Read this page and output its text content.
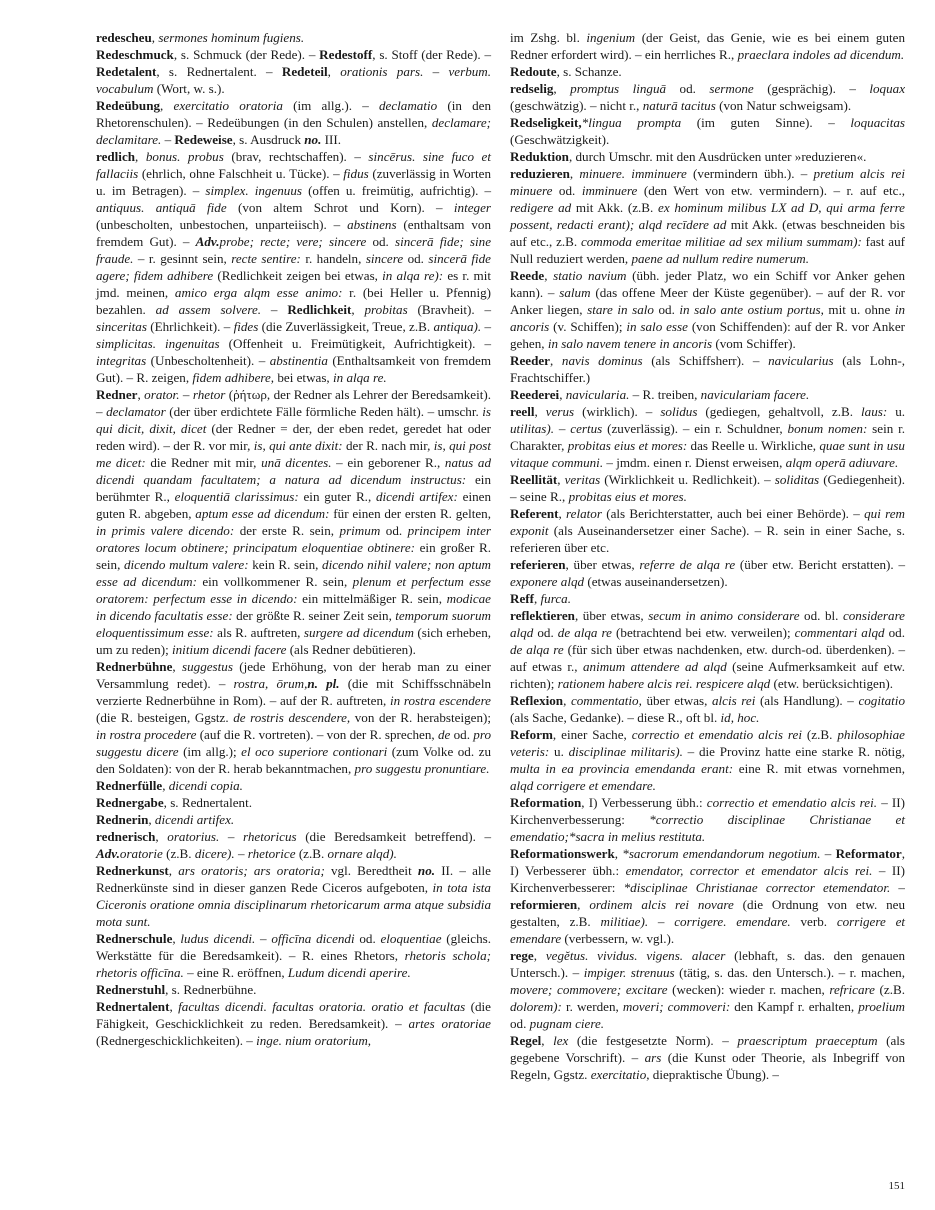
redescheu, sermones hominum fugiens.

Redeschmuck, s. Schmuck (der Rede). – Redestoff, s. Stoff (der Rede). – Redetalent, s. Rednertalent. – Redeteil, orationis pars. – verbum. vocabulum (Wort, w. s.).

Redeübung, exercitatio oratoria (im allg.). – declamatio (in den Rhetorenschulen). – Redeübungen (in den Schulen) anstellen, declamare; declamitare. – Redeweise, s. Ausdruck no. III.

redlich, bonus. probus (brav, rechtschaffen). – sincērus. sine fuco et fallaciis (ehrlich, ohne Falschheit u. Tücke). – fidus (zuverlässig in Worten u. im Betragen). – simplex. ingenuus (offen u. freimütig, aufrichtig). – antiquus. antiquā fide (von altem Schrot und Korn). – integer (unbescholten, unbestochen, unparteiisch). – abstinens (enthaltsam von fremdem Gut). – Adv.probe; recte; vere; sincere od. sincerā fide; sine fraude. – r. gesinnt sein, recte sentire: r. handeln, sincere od. sincerā fide agere; fidem adhibere (Redlichkeit zeigen bei etwas, in alqa re): es r. mit jmd. meinen, amico erga alqm esse animo: r. (bei Heller u. Pfennig) bezahlen. ad assem solvere. – Redlichkeit, probitas (Bravheit). – sinceritas (Ehrlichkeit). – fides (die Zuverlässigkeit, Treue, z.B. antiqua). – simplicitas. ingenuitas (Offenheit u. Freimütigkeit, Aufrichtigkeit). – integritas (Unbescholtenheit). – abstinentia (Enthaltsamkeit von fremdem Gut). – R. zeigen, fidem adhibere, bei etwas, in alqa re.

Redner, orator. – rhetor (ῥήτωρ, der Redner als Lehrer der Beredsamkeit). – declamator (der über erdichtete Fälle förmliche Reden hält). – umschr. is qui dicit, dixit, dicet (der Redner = der, der eben redet, geredet hat oder reden wird). – der R. vor mir, is, qui ante dixit: der R. nach mir, is, qui post me dicet: die Redner mit mir, unā dicentes. – ein geborener R., natus ad dicendi quandam facultatem; a natura ad dicendum instructus: ein berühmter R., eloquentiā clarissimus: ein guter R., dicendi artifex: einen guten R. abgeben, aptum esse ad dicendum: für einen der ersten R. gelten, in primis valere dicendo: der erste R. sein, primum od. principem inter oratores locum obtinere; principatum eloquentiae obtinere: ein großer R. sein, dicendo multum valere: kein R. sein, dicendo nihil valere; non aptum esse ad dicendum: ein vollkommener R. sein, plenum et perfectum esse oratorem: perfectum esse in dicendo: ein mittelmäßiger R. sein, modicae in dicendo facultatis esse: der größte R. seiner Zeit sein, temporum suorum eloquentissimum esse: als R. auftreten, surgere ad dicendum (sich erheben, um zu reden); initium dicendi facere (als Redner debütieren).

Rednerbühne, suggestus (jede Erhöhung, von der herab man zu einer Versammlung redet). – rostra, ōrum,n. pl. (die mit Schiffsschnäbeln verzierte Rednerbühne in Rom). – auf der R. auftreten, in rostra escendere (die R. besteigen, Ggstz. de rostris descendere, von der R. herabsteigen); in rostra procedere (auf die R. vortreten). – von der R. sprechen, de od. pro suggestu dicere (im allg.); el oco superiore contionari (zum Volke od. zu den Soldaten): von der R. herab bekanntmachen, pro suggestu pronuntiare.

Rednerfülle, dicendi copia.

Rednergabe, s. Rednertalent.

Rednerin, dicendi artifex.

rednerisch, oratorius. – rhetoricus (die Beredsamkeit betreffend). – Adv.oratorie (z.B. dicere). – rhetorice (z.B. ornare alqd).

Rednerkunst, ars oratoris; ars oratoria; vgl. Beredtheit no. II. – alle Rednerkünste sind in dieser ganzen Rede Ciceros aufgeboten, in tota ista Ciceronis oratione omnia disciplinarum rhetoricarum arma atque subsidia mota sunt.

Rednerschule, ludus dicendi. – officīna dicendi od. eloquentiae (gleichs. Werkstätte für die Beredsamkeit). – R. eines Rhetors, rhetoris schola; rhetoris officīna. – eine R. eröffnen, Ludum dicendi aperire.

Rednerstuhl, s. Rednerbühne.

Rednertalent, facultas dicendi. facultas oratoria. oratio et facultas (die Fähigkeit, Geschicklichkeit zu reden. Beredsamkeit). – artes oratoriae (Rednergeschicklichkeiten). – inge. nium oratorium,

im Zshg. bl. ingenium (der Geist, das Genie, wie es bei einem guten Redner erfordert wird). – ein herrliches R., praeclara indoles ad dicendum.

Redoute, s. Schanze.

redselig, promptus linguā od. sermone (gesprächig). – loquax (geschwätzig). – nicht r., naturā tacitus (von Natur schweigsam).

Redseligkeit,*lingua prompta (im guten Sinne). – loquacitas (Geschwätzigkeit).

Reduktion, durch Umschr. mit den Ausdrücken unter »reduzieren«.

reduzieren, minuere. imminuere (vermindern übh.). – pretium alcis rei minuere od. imminuere (den Wert von etw. vermindern). – r. auf etc., redigere ad mit Akk. (z.B. ex hominum milibus LX ad D, qui arma ferre possent, redacti erant); alqd recīdere ad mit Akk. (etwas beschneiden bis auf etc., z.B. commoda emeritae militiae ad sex milium summam): fast auf Null reduziert werden, paene ad nullum redire numerum.

Reede, statio navium (übh. jeder Platz, wo ein Schiff vor Anker gehen kann). – salum (das offene Meer der Küste gegenüber). – auf der R. vor Anker liegen, stare in salo od. in salo ante ostium portus, mit u. ohne in ancoris (v. Schiffen); in salo esse (von Schiffenden): auf der R. vor Anker gehen, in salo navem tenere in ancoris (vom Schiffer).

Reeder, navis dominus (als Schiffsherr). – navicularius (als Lohn-, Frachtschiffer.)

Reederei, navicularia. – R. treiben, naviculariam facere.

reell, verus (wirklich). – solidus (gediegen, gehaltvoll, z.B. laus: u. utilitas). – certus (zuverlässig). – ein r. Schuldner, bonum nomen: sein r. Charakter, probitas eius et mores: das Reelle u. Wirkliche, quae sunt in usu vitaque communi. – jmdm. einen r. Dienst erweisen, alqm operā adiuvare.

Reellität, veritas (Wirklichkeit u. Redlichkeit). – soliditas (Gediegenheit). – seine R., probitas eius et mores.

Referent, relator (als Berichterstatter, auch bei einer Behörde). – qui rem exponit (als Auseinandersetzer einer Sache). – R. sein in einer Sache, s. referieren über etc.

referieren, über etwas, referre de alqa re (über etw. Bericht erstatten). – exponere alqd (etwas auseinandersetzen).

Reff, furca.

reflektieren, über etwas, secum in animo considerare od. bl. considerare alqd od. de alqa re (betrachtend bei etw. verweilen); commentari alqd od. de alqa re (für sich über etwas nachdenken, etw. durch-od. überdenken). – auf etwas r., animum attendere ad alqd (seine Aufmerksamkeit auf etw. richten); rationem habere alcis rei. respicere alqd (etw. berücksichtigen).

Reflexion, commentatio, über etwas, alcis rei (als Handlung). – cogitatio (als Sache, Gedanke). – diese R., oft bl. id, hoc.

Reform, einer Sache, correctio et emendatio alcis rei (z.B. philosophiae veteris: u. disciplinae militaris). – die Provinz hatte eine starke R. nötig, multa in ea provincia emendanda erant: eine R. mit etwas vornehmen, alqd corrigere et emendare.

Reformation, I) Verbesserung übh.: correctio et emendatio alcis rei. – II) Kirchenverbesserung: *correctio disciplinae Christianae et emendatio;*sacra in melius restituta.

Reformationswerk, *sacrorum emendandorum negotium. – Reformator, I) Verbesserer übh.: emendator, corrector et emendator alcis rei. – II) Kirchenverbesserer: *disciplinae Christianae corrector etemendator. – reformieren, ordinem alcis rei novare (die Ordnung von etw. neu gestalten, z.B. militiae). – corrigere. emendare. verb. corrigere et emendare (verbessern, w. vgl.).

rege, vegĕtus. vividus. vigens. alacer (lebhaft, s. das. den genauen Untersch.). – impiger. strenuus (tätig, s. das. den Untersch.). – r. machen, movere; commovere; excitare (wecken): wieder r. machen, refricare (z.B. dolorem): r. werden, moveri; commoveri: den Kampf r. erhalten, proelium od. pugnam ciere.

Regel, lex (die festgesetzte Norm). – praescriptum praeceptum (als gegebene Vorschrift). – ars (die Kunst oder Theorie, als Inbegriff von Regeln, Ggstz. exercitatio, diepraktische Übung). –

151
